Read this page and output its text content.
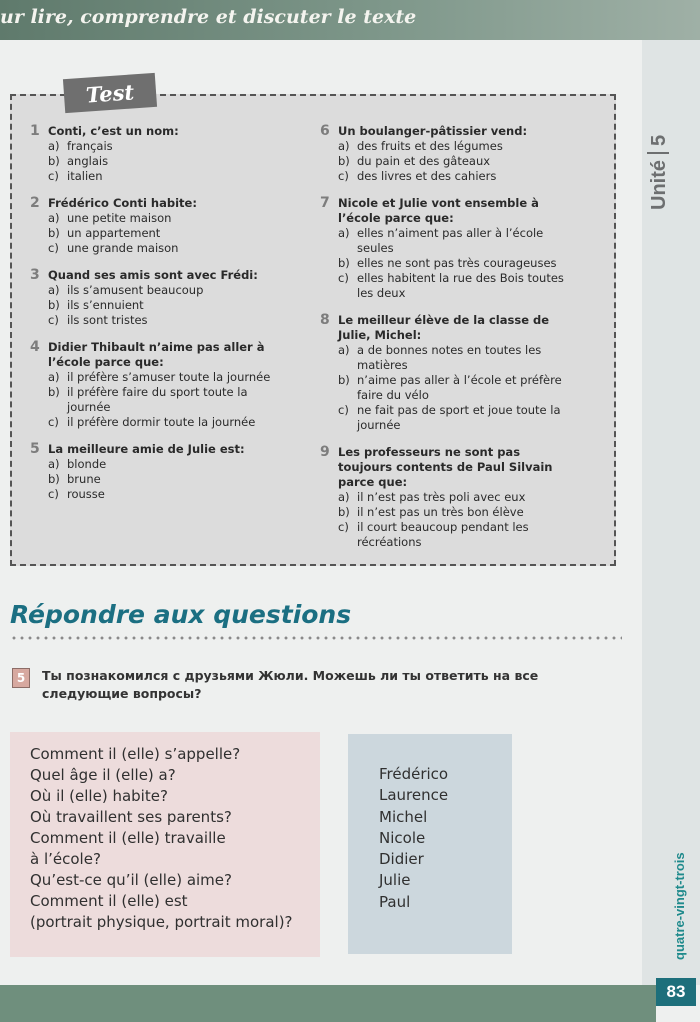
ur lire, comprendre et discuter le texte
Unité5
quatre-vingt-trois
83
Test
1 Conti, c’est un nom:
a) français
b) anglais
c) italien
2 Frédérico Conti habite:
a) une petite maison
b) un appartement
c) une grande maison
3 Quand ses amis sont avec Frédi:
a) ils s’amusent beaucoup
b) ils s’ennuient
c) ils sont tristes
4 Didier Thibault n’aime pas aller à
l’école parce que:
a) il préfère s’amuser toute la journée
b) il préfère faire du sport toute la
journée
c) il préfère dormir toute la journée
5 La meilleure amie de Julie est:
a) blonde
b) brune
c) rousse
6 Un boulanger-pâtissier vend:
a) des fruits et des légumes
b) du pain et des gâteaux
c) des livres et des cahiers
7 Nicole et Julie vont ensemble à
l’école parce que:
a) elles n’aiment pas aller à l’école
seules
b) elles ne sont pas très courageuses
c) elles habitent la rue des Bois toutes
les deux
8 Le meilleur élève de la classe de
Julie, Michel:
a) a de bonnes notes en toutes les
matières
b) n’aime pas aller à l’école et préfère
faire du vélo
c) ne fait pas de sport et joue toute la
journée
9 Les professeurs ne sont pas
toujours contents de Paul Silvain
parce que:
a) il n’est pas très poli avec eux
b) il n’est pas un très bon élève
c) il court beaucoup pendant les
récréations
Répondre aux questions
5	Ты познакомился с друзьями Жюли. Можешь ли ты ответить на все следующие вопросы?
Comment il (elle) s’appelle?
Quel âge il (elle) a?
Où il (elle) habite?
Où travaillent ses parents?
Comment il (elle) travaille
à l’école?
Qu’est-ce qu’il (elle) aime?
Comment il (elle) est
(portrait physique, portrait moral)?
Frédérico
Laurence
Michel
Nicole
Didier
Julie
Paul
